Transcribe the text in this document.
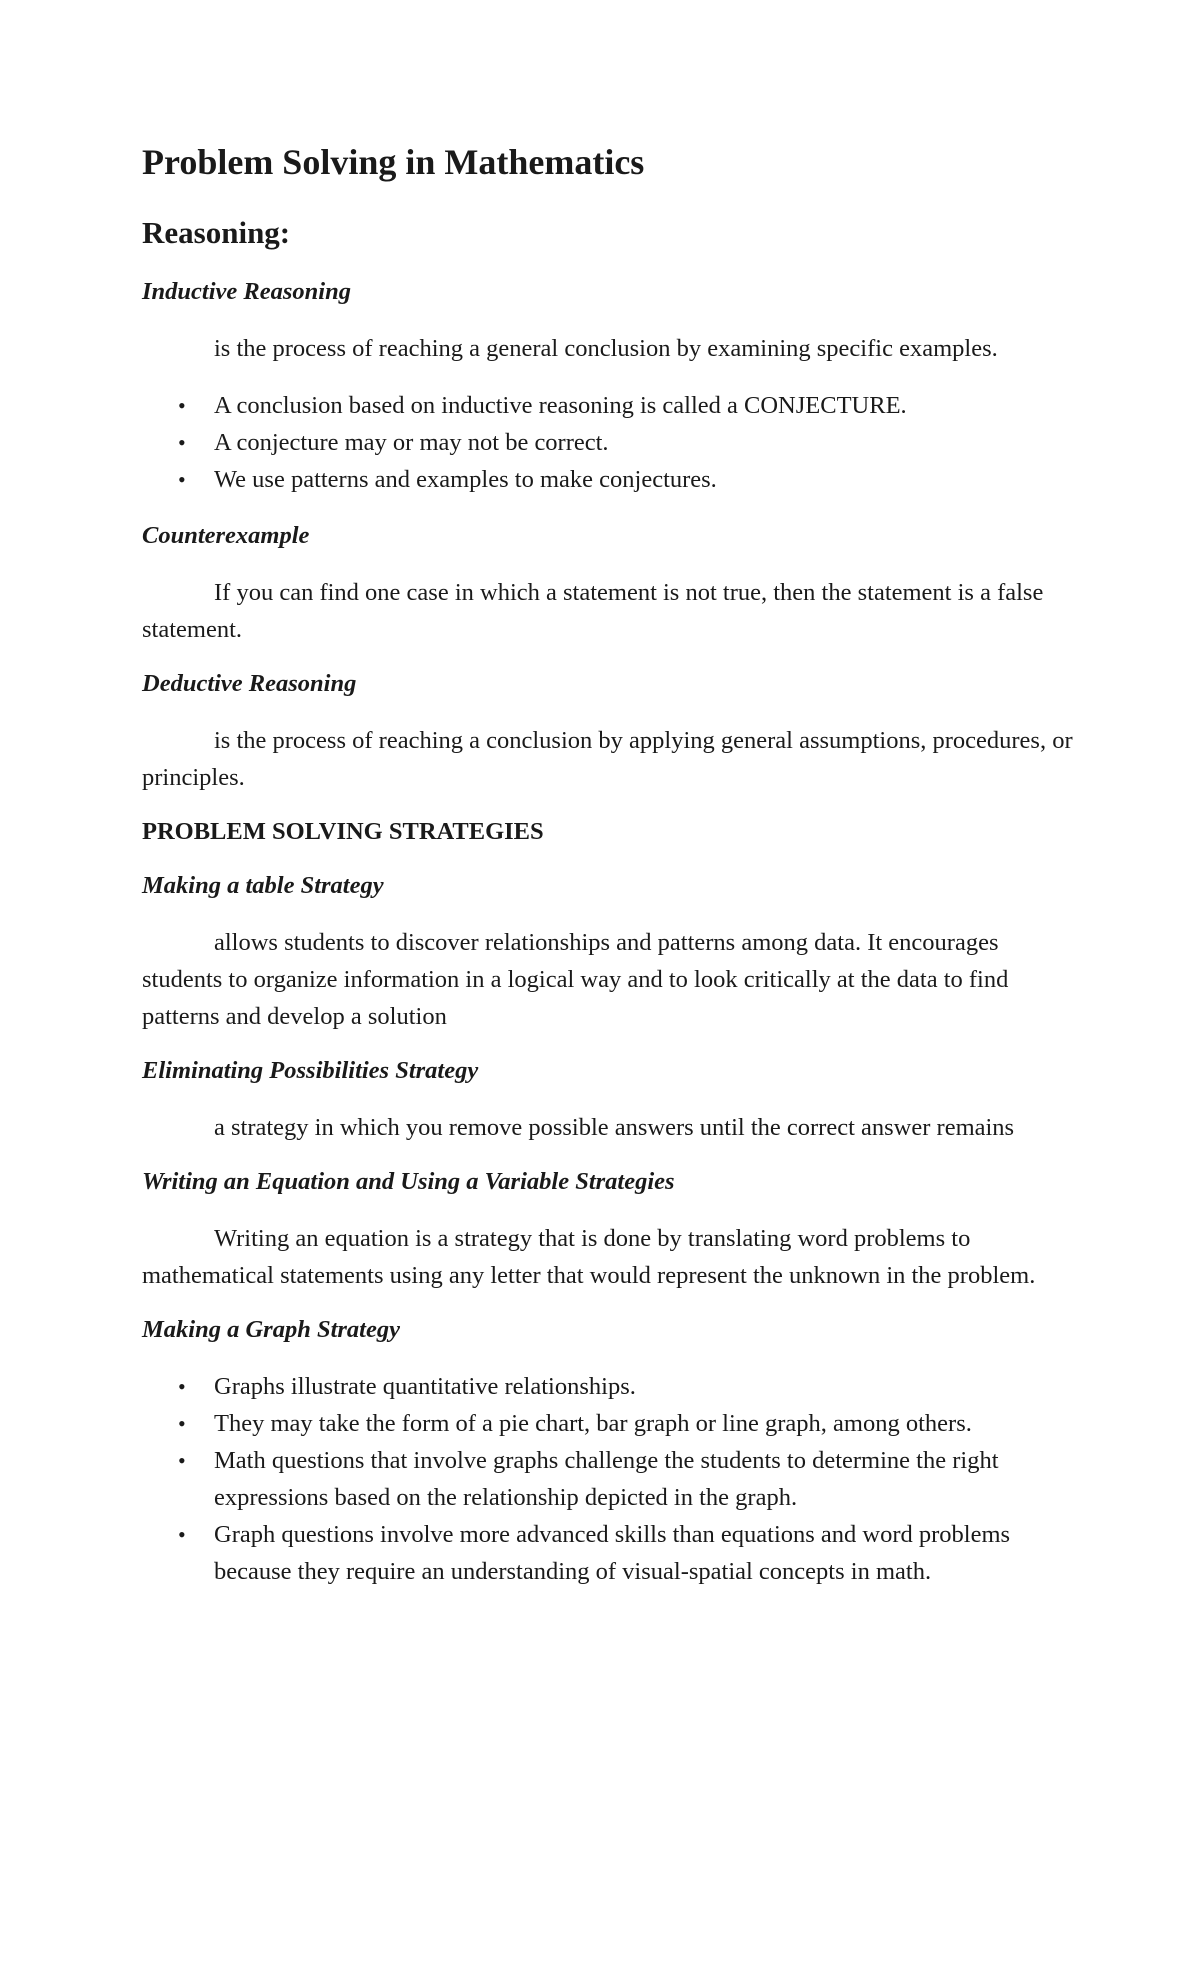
Problem Solving in Mathematics
Reasoning:
Inductive Reasoning

is the process of reaching a general conclusion by examining specific examples.

• A conclusion based on inductive reasoning is called a CONJECTURE.
• A conjecture may or may not be correct.
• We use patterns and examples to make conjectures.
Counterexample

If you can find one case in which a statement is not true, then the statement is a false statement.

Deductive Reasoning

is the process of reaching a conclusion by applying general assumptions, procedures, or principles.

PROBLEM SOLVING STRATEGIES
Making a table Strategy

allows students to discover relationships and patterns among data. It encourages students to organize information in a logical way and to look critically at the data to find patterns and develop a solution

Eliminating Possibilities Strategy

a strategy in which you remove possible answers until the correct answer remains

Writing an Equation and Using a Variable Strategies

Writing an equation is a strategy that is done by translating word problems to mathematical statements using any letter that would represent the unknown in the problem.

Making a Graph Strategy
• Graphs illustrate quantitative relationships.
• They may take the form of a pie chart, bar graph or line graph, among others.
• Math questions that involve graphs challenge the students to determine the right expressions based on the relationship depicted in the graph.
• Graph questions involve more advanced skills than equations and word problems because they require an understanding of visual-spatial concepts in math.
